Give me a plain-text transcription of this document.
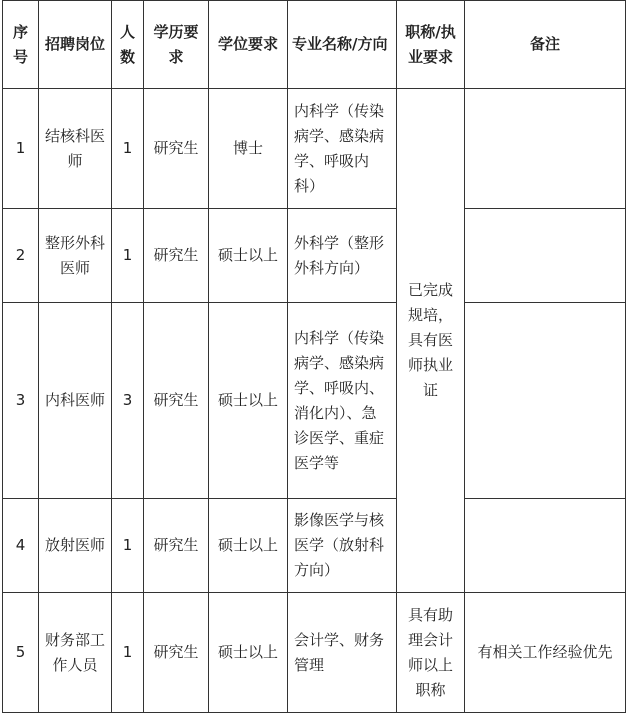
序号	招聘岗位	人数	学历要求	学位要求	专业名称/方向	职称/执业要求	备注
1	结核科医师	1	研究生	博士	内科学（传染病学、感染病学、呼吸内科）	已完成规培，具有医师执业证	
2	整形外科医师	1	研究生	硕士以上	外科学（整形外科方向）		
3	内科医师	3	研究生	硕士以上	内科学（传染病学、感染病学、呼吸内、消化内）、急诊医学、重症医学等		
4	放射医师	1	研究生	硕士以上	影像医学与核医学（放射科方向）		
5	财务部工作人员	1	研究生	硕士以上	会计学、财务管理	具有助理会计师以上职称	有相关工作经验优先
